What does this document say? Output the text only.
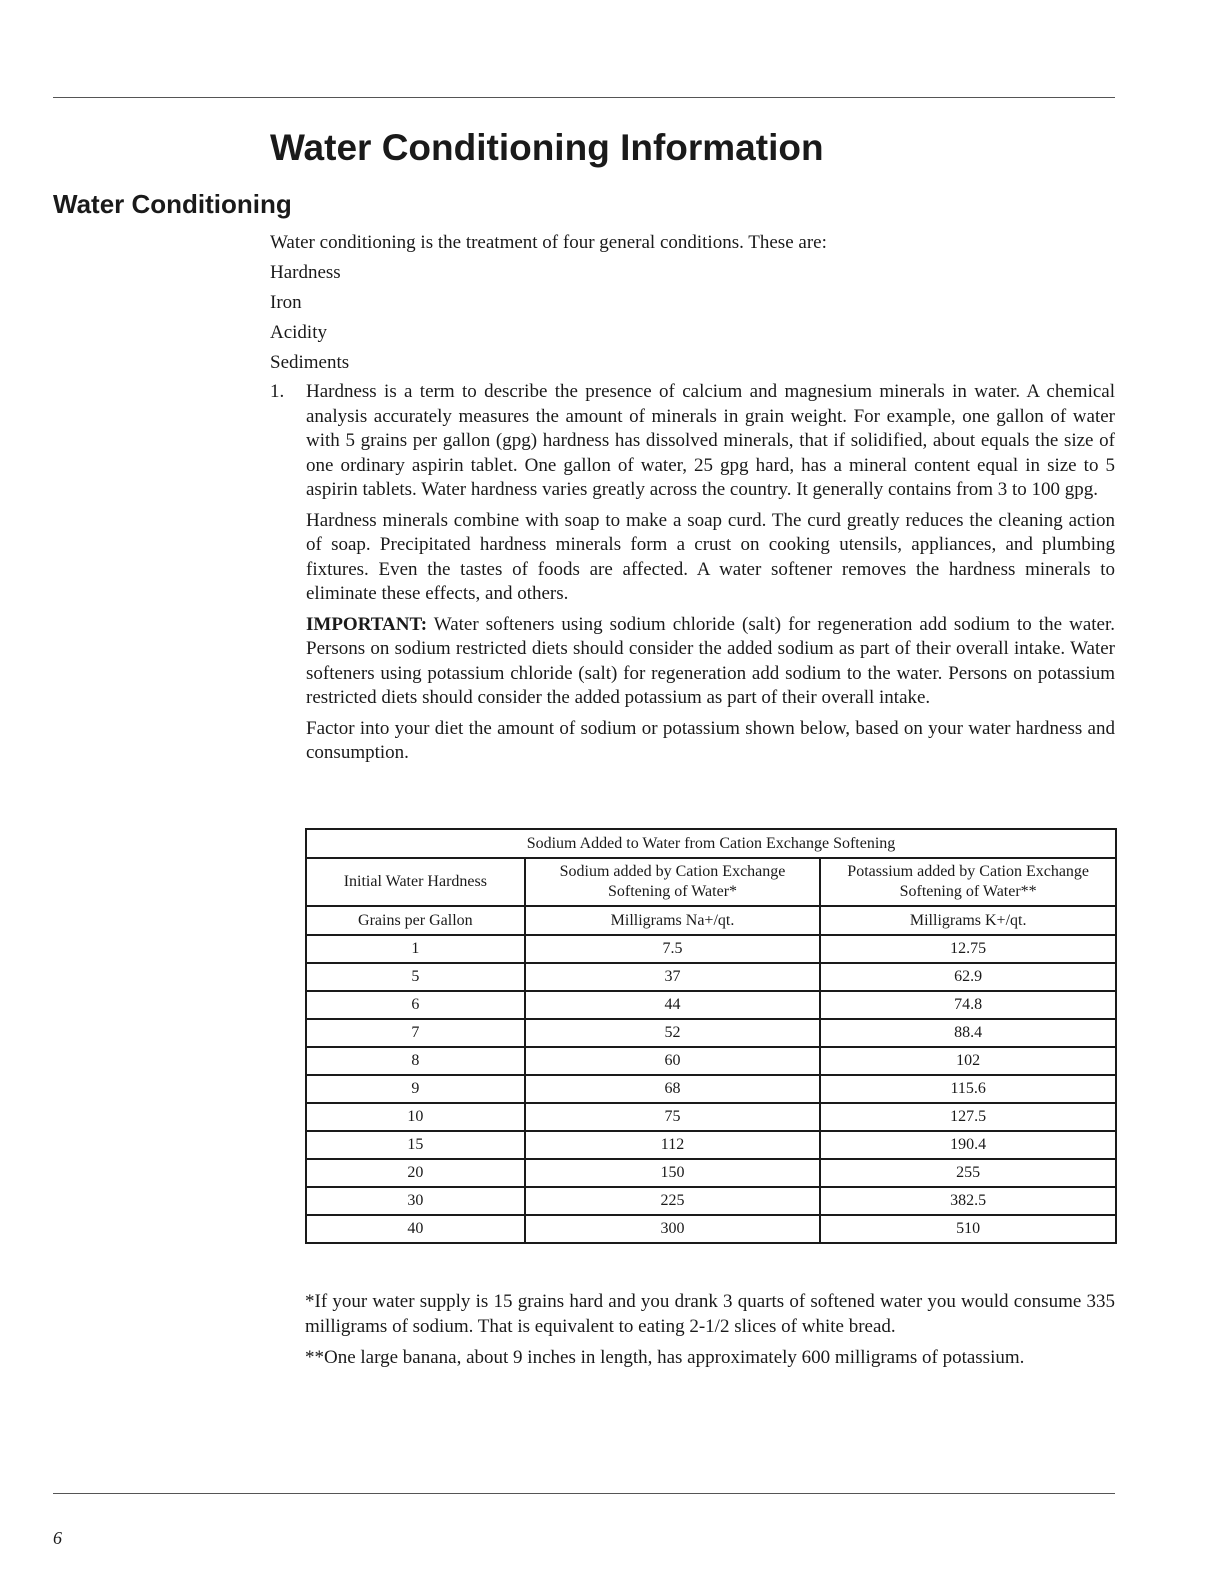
Water Conditioning Information
Water Conditioning

Water conditioning is the treatment of four general conditions. These are:

Hardness

Iron

Acidity

Sediments

1. Hardness is a term to describe the presence of calcium and magnesium minerals in water. A chemical analysis accurately measures the amount of minerals in grain weight. For example, one gallon of water with 5 grains per gallon (gpg) hardness has dissolved minerals, that if solidified, about equals the size of one ordinary aspirin tablet. One gallon of water, 25 gpg hard, has a mineral content equal in size to 5 aspirin tablets. Water hardness varies greatly across the country. It generally contains from 3 to 100 gpg.

Hardness minerals combine with soap to make a soap curd. The curd greatly reduces the cleaning action of soap. Precipitated hardness minerals form a crust on cooking utensils, appliances, and plumbing fixtures. Even the tastes of foods are affected. A water softener removes the hardness minerals to eliminate these effects, and others.

IMPORTANT: Water softeners using sodium chloride (salt) for regeneration add sodium to the water. Persons on sodium restricted diets should consider the added sodium as part of their overall intake. Water softeners using potassium chloride (salt) for regeneration add sodium to the water. Persons on potassium restricted diets should consider the added potassium as part of their overall intake.

Factor into your diet the amount of sodium or potassium shown below, based on your water hardness and consumption.

Sodium Added to Water from Cation Exchange Softening		
Initial Water Hardness	Sodium added by Cation Exchange Softening of Water*	Potassium added by Cation Exchange Softening of Water**
Grains per Gallon	Milligrams Na+/qt.	Milligrams K+/qt.
1	7.5	12.75
5	37	62.9
6	44	74.8
7	52	88.4
8	60	102
9	68	115.6
10	75	127.5
15	112	190.4
20	150	255
30	225	382.5
40	300	510

*If your water supply is 15 grains hard and you drank 3 quarts of softened water you would consume 335 milligrams of sodium. That is equivalent to eating 2-1/2 slices of white bread.

**One large banana, about 9 inches in length, has approximately 600 milligrams of potassium.

6
